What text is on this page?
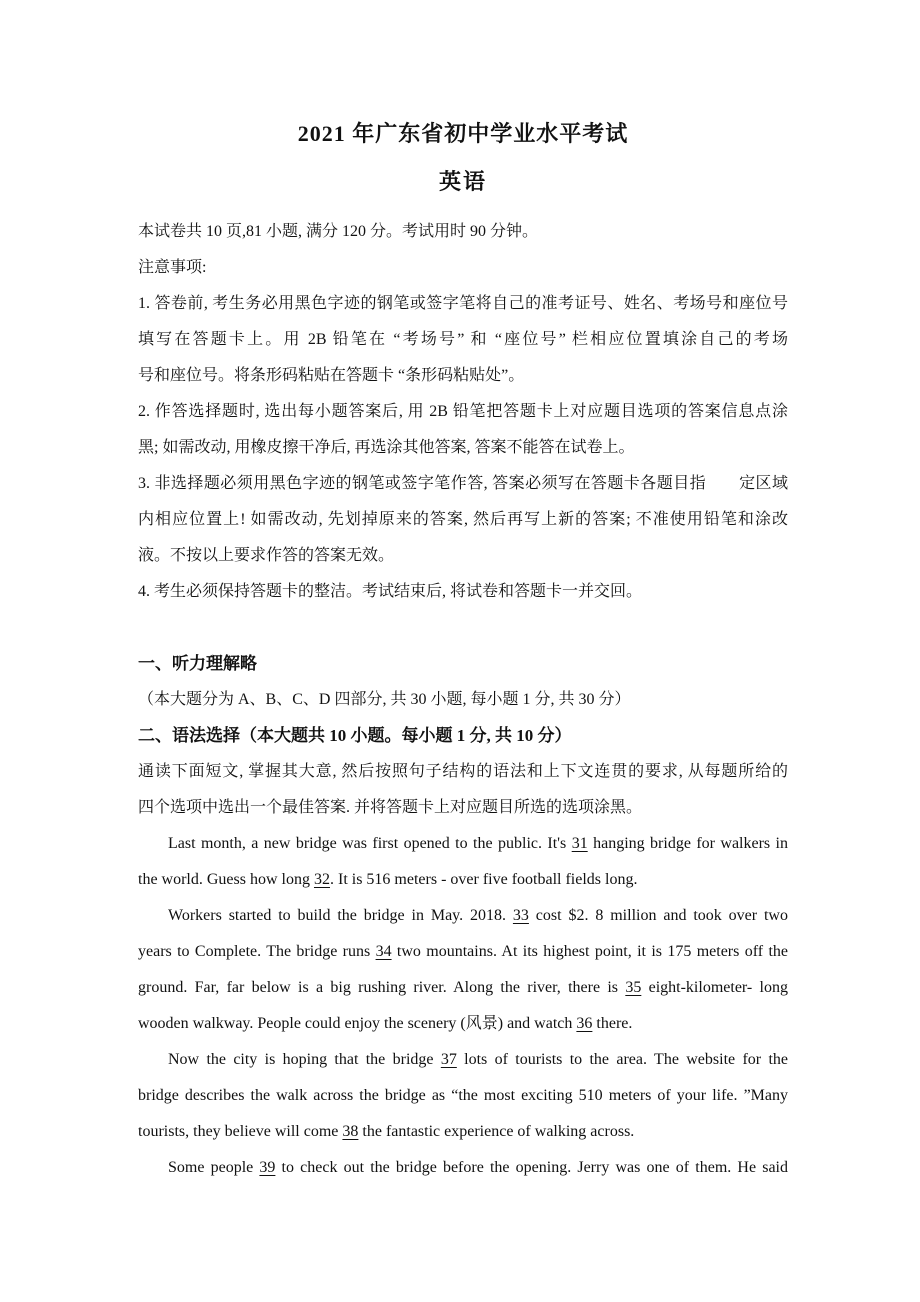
2021 年广东省初中学业水平考试
英语
本试卷共 10 页,81 小题, 满分 120 分。考试用时 90 分钟。
注意事项:
1. 答卷前, 考生务必用黑色字迹的钢笔或签字笔将自己的准考证号、姓名、考场号和座位号
填写在答题卡上。用 2B 铅笔在 “考场号” 和 “座位号” 栏相应位置填涂自己的考场
号和座位号。将条形码粘贴在答题卡 “条形码粘贴处”。
2. 作答选择题时, 选出每小题答案后, 用 2B 铅笔把答题卡上对应题目选项的答案信息点涂
黑; 如需改动, 用橡皮擦干净后, 再选涂其他答案, 答案不能答在试卷上。
3. 非选择题必须用黑色字迹的钢笔或签字笔作答, 答案必须写在答题卡各题目指　　定区域
内相应位置上! 如需改动, 先划掉原来的答案, 然后再写上新的答案; 不准使用铅笔和涂改
液。不按以上要求作答的答案无效。
4. 考生必须保持答题卡的整洁。考试结束后, 将试卷和答题卡一并交回。
一、听力理解略
（本大题分为 A、B、C、D 四部分, 共 30 小题, 每小题 1 分, 共 30 分）
二、语法选择（本大题共 10 小题。每小题 1 分, 共 10 分）
通读下面短文, 掌握其大意, 然后按照句子结构的语法和上下文连贯的要求, 从每题所给的
四个选项中选出一个最佳答案. 并将答题卡上对应题目所选的选项涂黑。
Last month, a new bridge was first opened to the public. It's 31 hanging bridge for walkers in
the world. Guess how long 32. It is 516 meters - over five football fields long.
Workers started to build the bridge in May. 2018. 33 cost $2. 8 million and took over two
years to Complete. The bridge runs 34 two mountains. At its highest point, it is 175 meters off the
ground. Far, far below is a big rushing river. Along the river, there is 35 eight-kilometer- long
wooden walkway. People could enjoy the scenery (风景) and watch 36 there.
Now the city is hoping that the bridge 37 lots of tourists to the area. The website for the
bridge describes the walk across the bridge as “the most exciting 510 meters of your life. ”Many
tourists, they believe will come 38 the fantastic experience of walking across.
Some people 39 to check out the bridge before the opening. Jerry was one of them. He said
